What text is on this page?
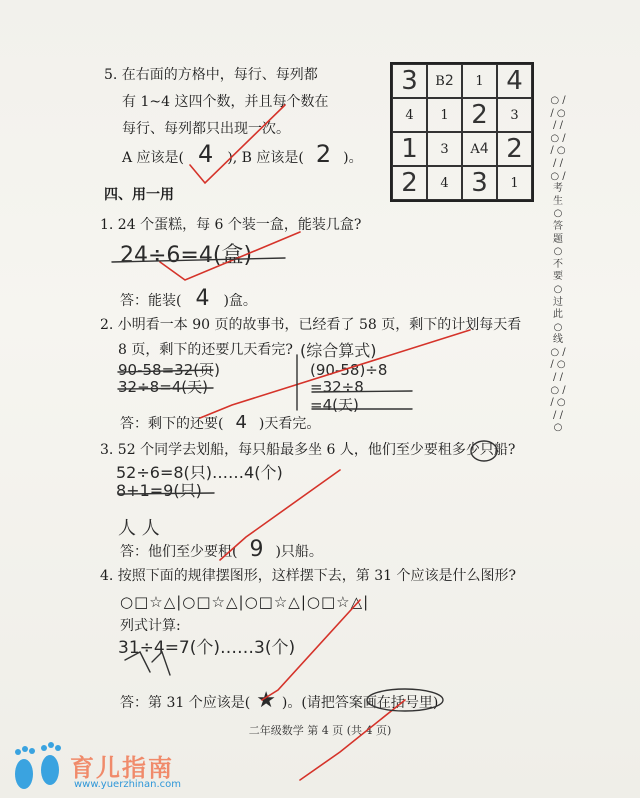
5. 在右面的方格中，每行、每列都
有 1~4 这四个数，并且每个数在
每行、每列都只出现一次。
A 应该是( 4 ), B 应该是( 2 )。
3 B 2 1 4
4 1 2 3
1 3 A 4 2
2 4 3 1
四、用一用
1. 24 个蛋糕，每 6 个装一盒，能装几盒?
24÷6=4(盒)
答：能装( 4 )盒。
2. 小明看一本 90 页的故事书，已经看了 58 页，剩下的计划每天看
8 页，剩下的还要几天看完? (综合算式)
90-58=32(页)
32÷8=4(天)
(90-58)÷8
=32÷8
=4(天)
答：剩下的还要( 4 )天看完。
3. 52 个同学去划船，每只船最多坐 6 人，他们至少要租多少只船?
52÷6=8(只)……4(个)
8+1=9(只)
人 人
答：他们至少要租( 9 )只船。
4. 按照下面的规律摆图形，这样摆下去，第 31 个应该是什么图形?
○□☆△|○□☆△|○□☆△|○□☆△|
列式计算:
31÷4=7(个)……3(个)
答：第 31 个应该是( ★ )。(请把答案画在括号里)
○ / / ○ / / ○ / / ○ / / ○ / 考 生 ○ 答 题 ○ 不 要 ○ 过 此 ○ 线 ○ / / ○ / / ○ / / ○ / / ○
二年级数学 第 4 页 (共 4 页)
育儿指南
www.yuerzhinan.com
